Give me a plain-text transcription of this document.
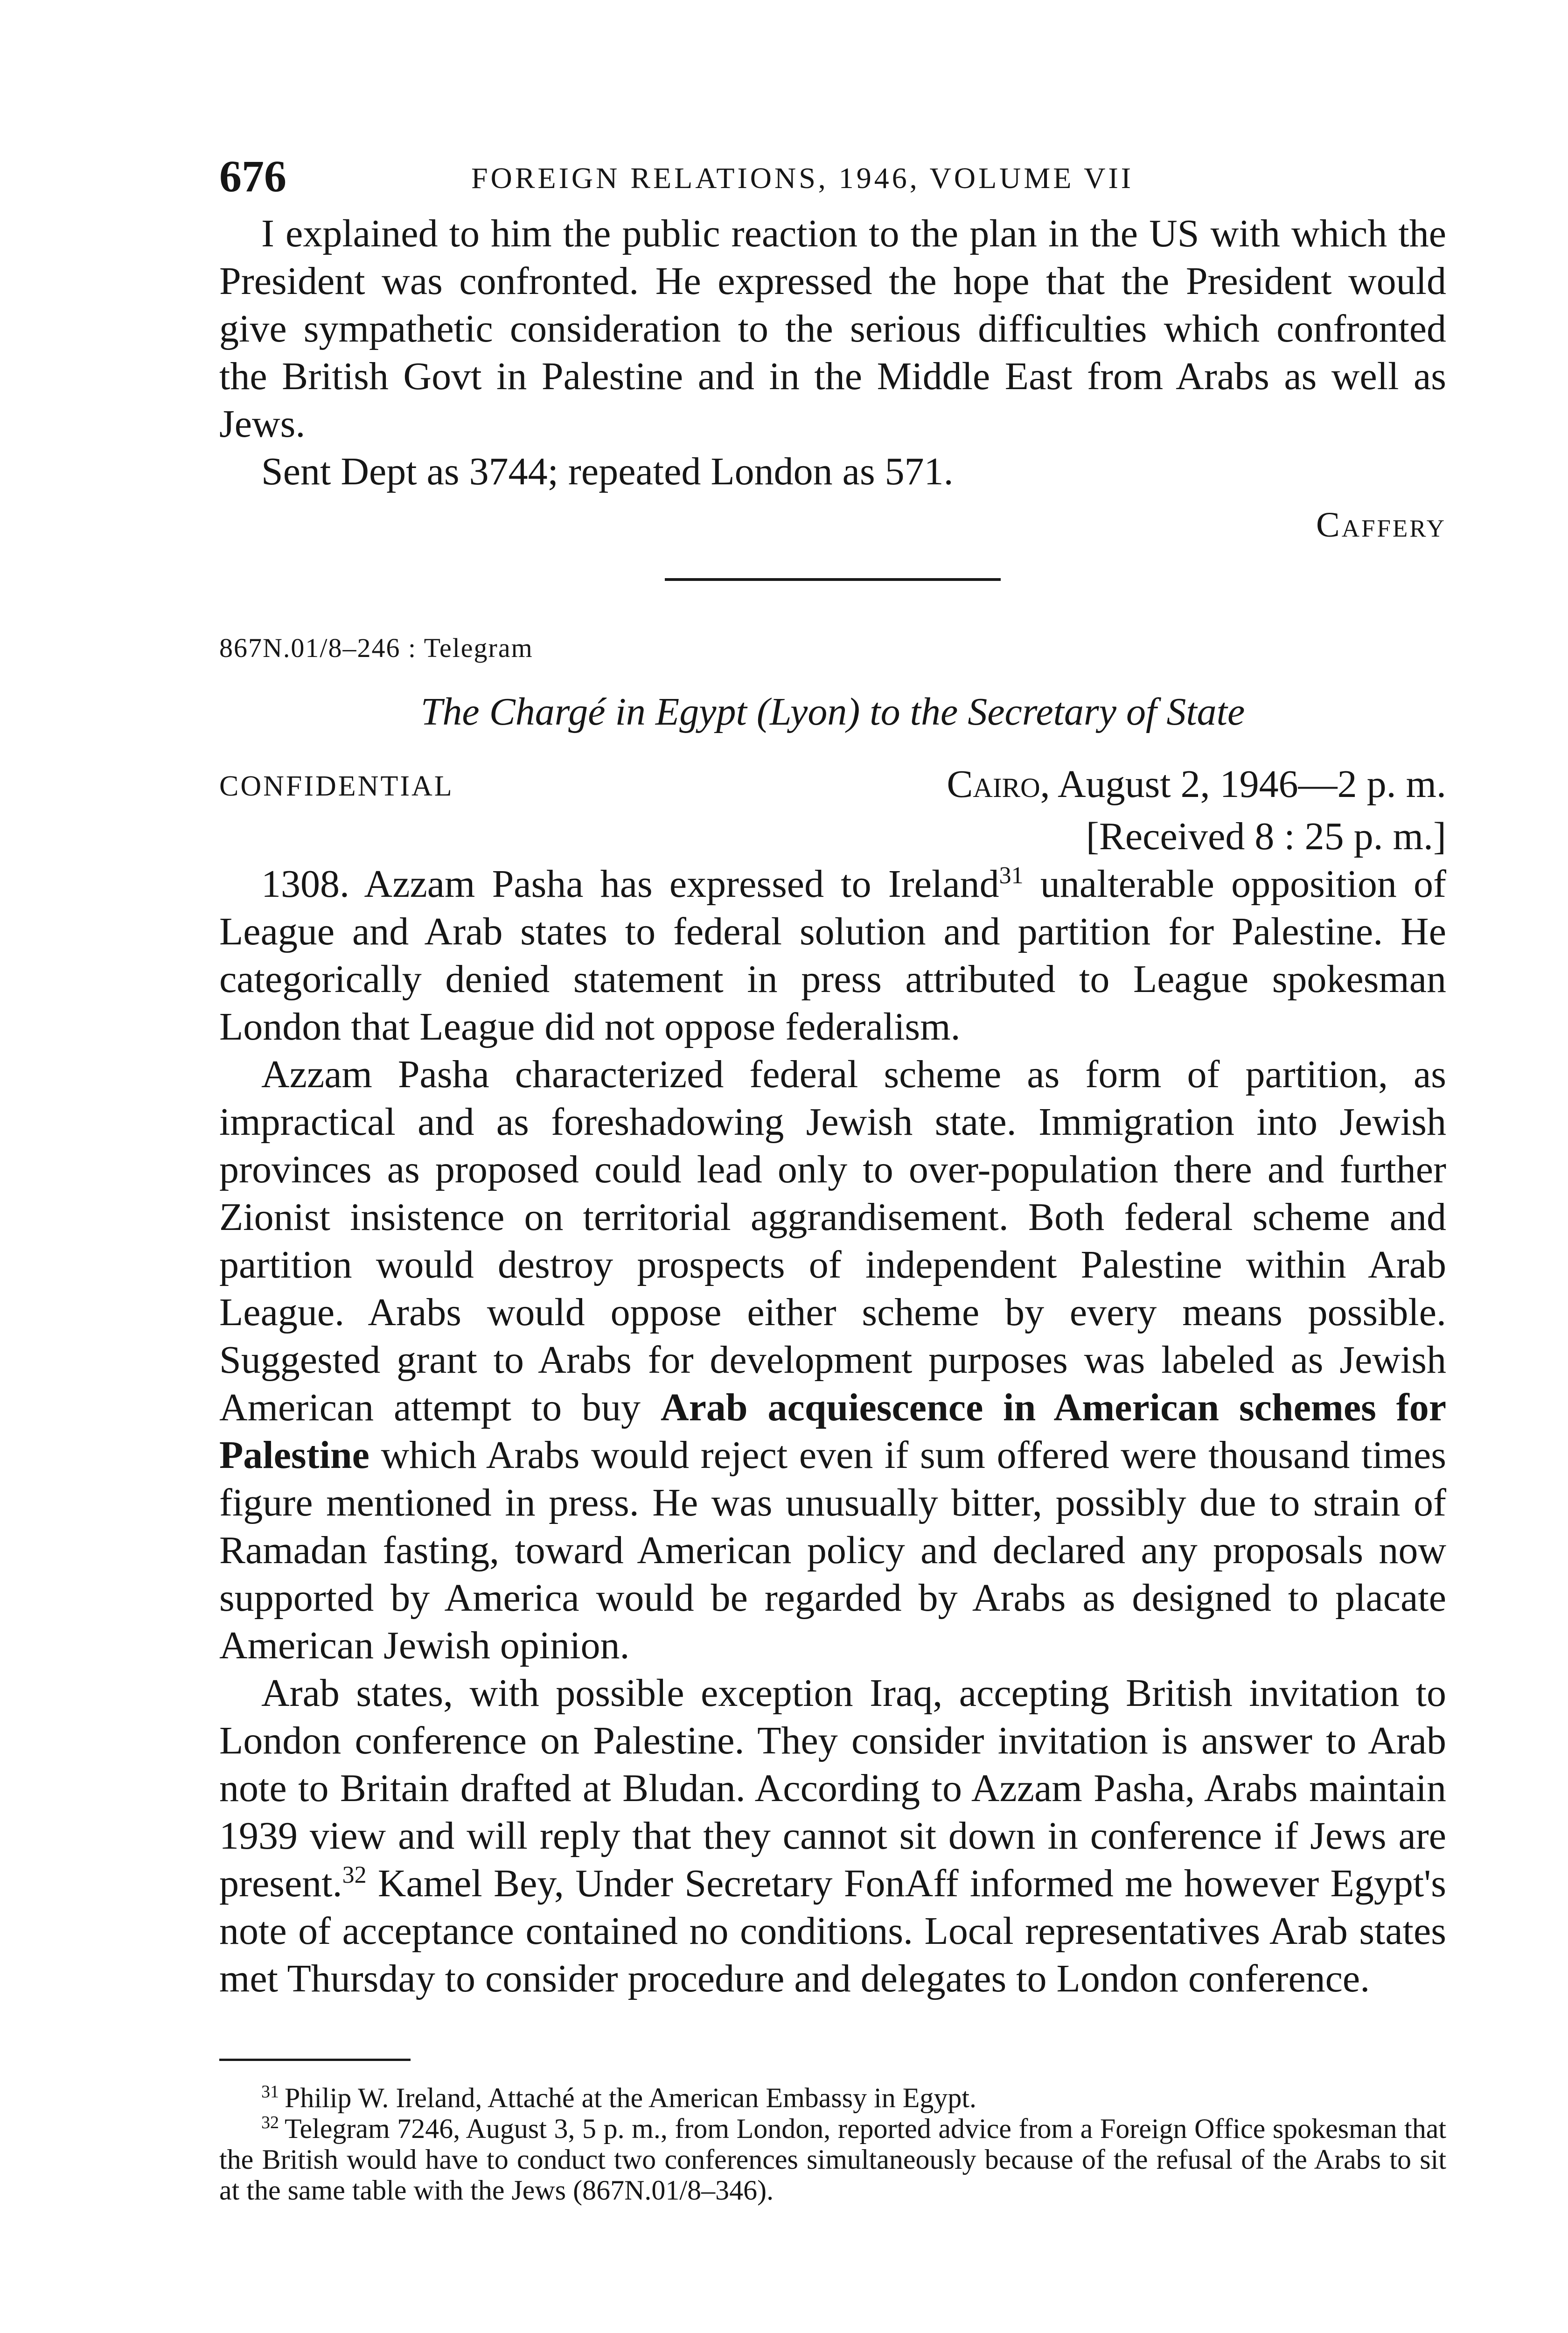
676	FOREIGN RELATIONS, 1946, VOLUME VII

I explained to him the public reaction to the plan in the US with which the President was confronted. He expressed the hope that the President would give sympathetic consideration to the serious difficulties which confronted the British Govt in Palestine and in the Middle East from Arabs as well as Jews.

Sent Dept as 3744; repeated London as 571.

Caffery
867N.01/8–246 : Telegram
The Chargé in Egypt (Lyon) to the Secretary of State
CONFIDENTIAL	Cairo, August 2, 1946—2 p. m.
[Received 8 : 25 p. m.]

1308. Azzam Pasha has expressed to Ireland$^{31}$ unalterable opposition of League and Arab states to federal solution and partition for Palestine. He categorically denied statement in press attributed to League spokesman London that League did not oppose federalism.

Azzam Pasha characterized federal scheme as form of partition, as impractical and as foreshadowing Jewish state. Immigration into Jewish provinces as proposed could lead only to over-population there and further Zionist insistence on territorial aggrandisement. Both federal scheme and partition would destroy prospects of independent Palestine within Arab League. Arabs would oppose either scheme by every means possible. Suggested grant to Arabs for development purposes was labeled as Jewish American attempt to buy Arab acquiescence in American schemes for Palestine which Arabs would reject even if sum offered were thousand times figure mentioned in press. He was unusually bitter, possibly due to strain of Ramadan fasting, toward American policy and declared any proposals now supported by America would be regarded by Arabs as designed to placate American Jewish opinion.

Arab states, with possible exception Iraq, accepting British invitation to London conference on Palestine. They consider invitation is answer to Arab note to Britain drafted at Bludan. According to Azzam Pasha, Arabs maintain 1939 view and will reply that they cannot sit down in conference if Jews are present.$^{32}$ Kamel Bey, Under Secretary FonAff informed me however Egypt's note of acceptance contained no conditions. Local representatives Arab states met Thursday to consider procedure and delegates to London conference.

$^{31}$  Philip W. Ireland, Attaché at the American Embassy in Egypt.

$^{32}$  Telegram 7246, August 3, 5 p. m., from London, reported advice from a Foreign Office spokesman that the British would have to conduct two conferences simultaneously because of the refusal of the Arabs to sit at the same table with the Jews (867N.01/8–346).
